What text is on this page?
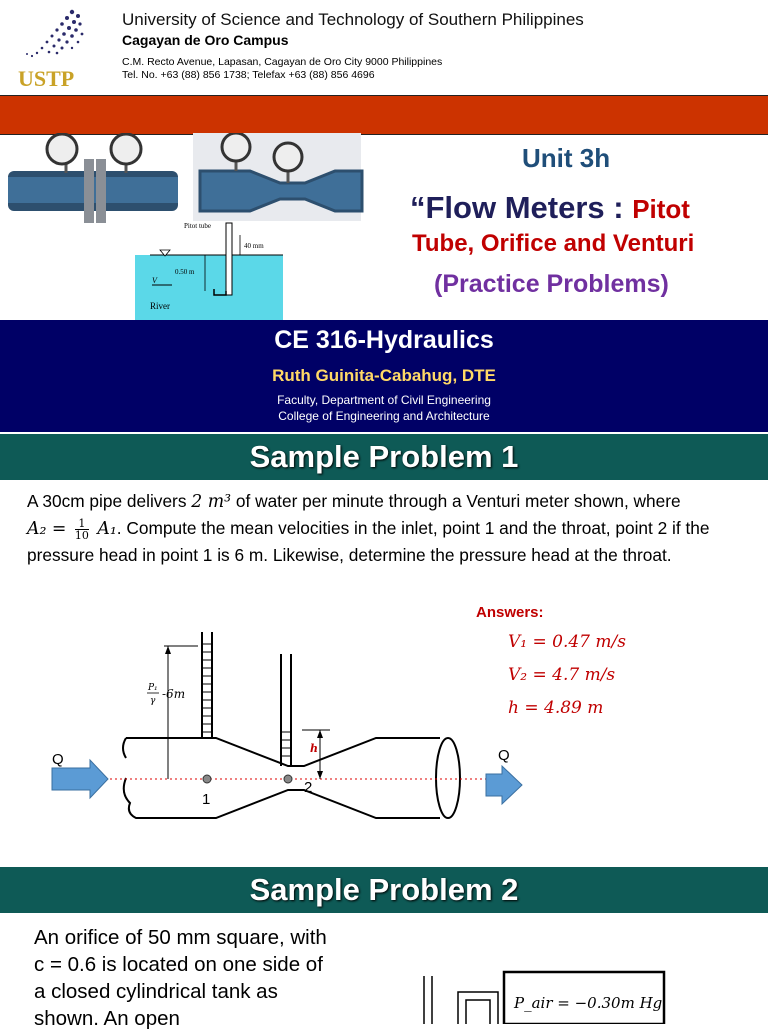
USTP
University of Science and Technology of Southern Philippines
Cagayan de Oro Campus
C.M. Recto Avenue, Lapasan, Cagayan de Oro City 9000 Philippines
Tel. No. +63 (88) 856 1738; Telefax +63 (88) 856 4696
Pitot tube
40 mm
0.50 m
V
River
Unit 3h
“Flow Meters : Pitot
Tube, Orifice and Venturi
(Practice Problems)
CE 316-Hydraulics
Ruth Guinita-Cabahug, DTE
Faculty, Department of Civil Engineering
College of Engineering and Architecture
Sample Problem 1
A 30cm pipe delivers 2 m³ of water per minute through a Venturi meter shown, where
$A_2 = \frac{1}{10} A_1$. Compute the mean velocities in the inlet, point 1 and the throat, point 2 if the pressure head in point 1 is 6 m. Likewise, determine the pressure head at the throat.
Answers:
V₁ = 0.47 m/s
V₂ = 4.7 m/s
h = 4.89 m
Q	Q
1
2
P₁
γ -6m
h
Sample Problem 2
An orifice of 50 mm square, with c = 0.6 is located on one side of a closed cylindrical tank as shown. An open
P_air = −0.30m Hg
